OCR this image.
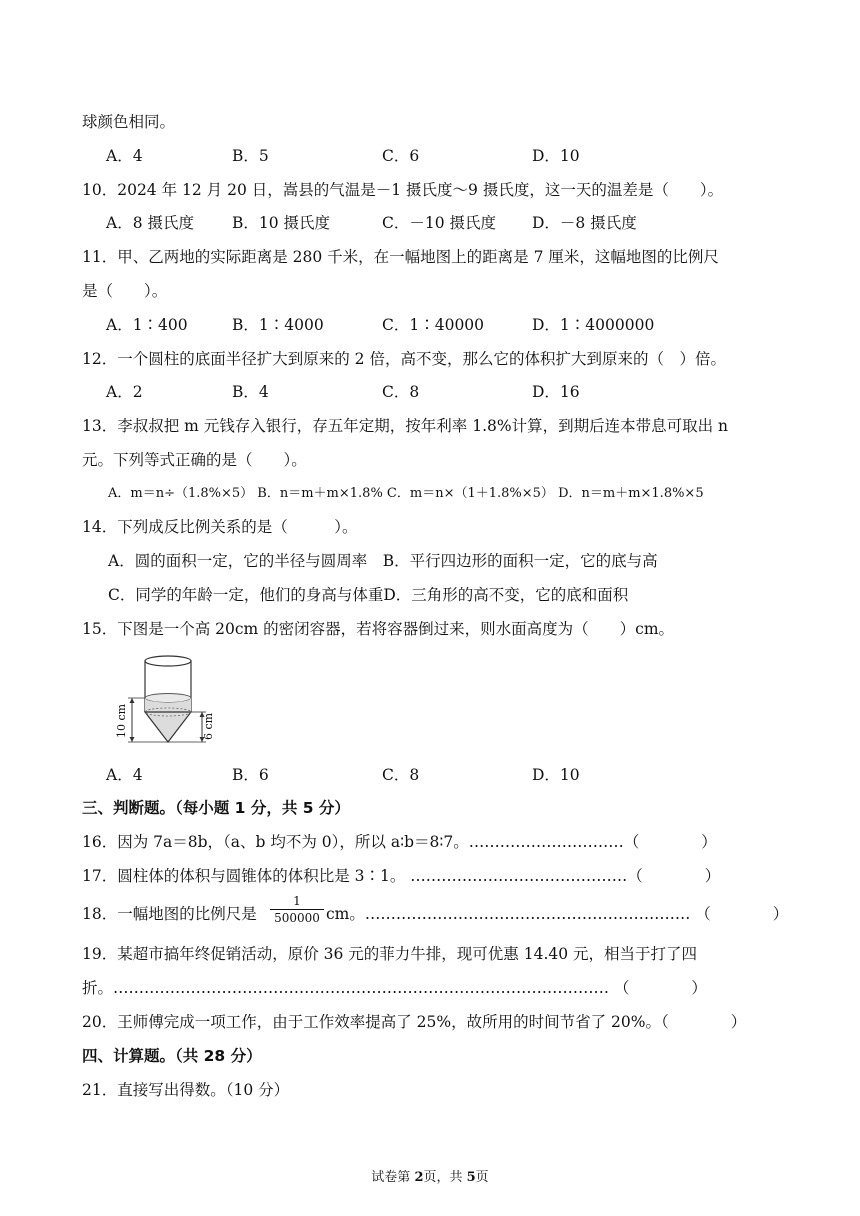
球颜色相同。
A．4	B．5	C．6	D．10
10．2024 年 12 月 20 日，嵩县的气温是－1 摄氏度～9 摄氏度，这一天的温差是（　　）。
A．8 摄氏度 B．10 摄氏度	C．－10 摄氏度 D．－8 摄氏度
11．甲、乙两地的实际距离是 280 千米，在一幅地图上的距离是 7 厘米，这幅地图的比例尺
是（　　）。
A．1∶400	B．1∶4000	C．1∶40000	D．1∶4000000
12．一个圆柱的底面半径扩大到原来的 2 倍，高不变，那么它的体积扩大到原来的（　）倍。
A．2	B．4	C．8	D．16
13．李叔叔把 m 元钱存入银行，存五年定期，按年利率 1.8%计算，到期后连本带息可取出 n
元。下列等式正确的是（　　）。
A．m＝n÷（1.8%×5） B．n＝m＋m×1.8% C．m＝n×（1＋1.8%×5） D．n＝m＋m×1.8%×5
14．下列成反比例关系的是（　　　）。
A．圆的面积一定，它的半径与圆周率　B．平行四边形的面积一定，它的底与高
C．同学的年龄一定，他们的身高与体重D．三角形的高不变，它的底和面积
15．下图是一个高 20cm 的密闭容器，若将容器倒过来，则水面高度为（　　）cm。
10 cm	6 cm
A．4	B．6	C．8	D．10
三、判断题。（每小题 1 分，共 5 分）
16．因为 7a＝8b，（a、b 均不为 0），所以 a∶b＝8∶7。…………………………（　　　　）
17．圆柱体的体积与圆锥体的体积比是 3∶1。 ……………………………………（　　　　）
18．一幅地图的比例尺是
1
500000 cm。……………………………………………………… （　　　　）
19．某超市搞年终促销活动，原价 36 元的菲力牛排，现可优惠 14.40 元，相当于打了四
折。…………………………………………………………………………………… （　　　　）
20．王师傅完成一项工作，由于工作效率提高了 25%，故所用的时间节省了 20%。（　　　　）
四、计算题。（共 28 分）
21．直接写出得数。（10 分）
试卷第 2页，共 5页
